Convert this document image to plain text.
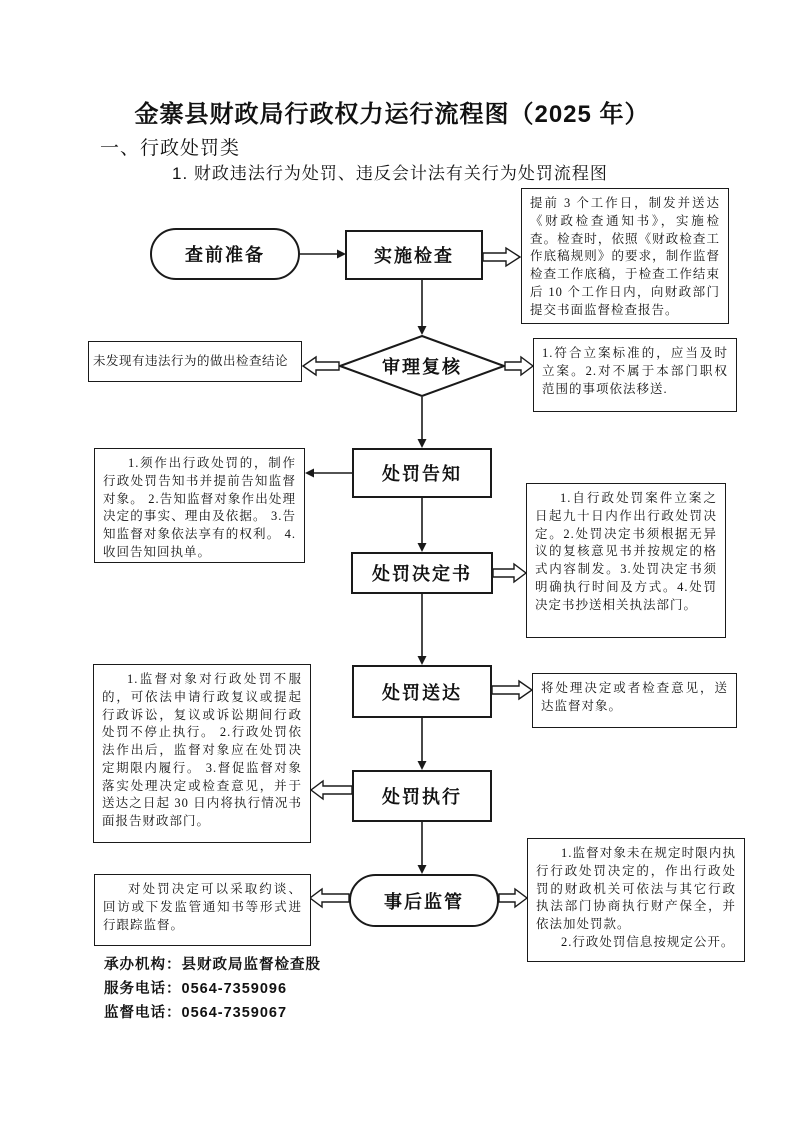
金寨县财政局行政权力运行流程图（2025 年）
一、行政处罚类
1. 财政违法行为处罚、违反会计法有关行为处罚流程图
查前准备	实施检查
审理复核
处罚告知
处罚决定书
处罚送达
处罚执行
事后监管
提前 3 个工作日，制发并送达《财政检查通知书》，实施检查。检查时，依照《财政检查工作底稿规则》的要求，制作监督检查工作底稿，于检查工作结束后 10 个工作日内，向财政部门提交书面监督检查报告。
未发现有违法行为的做出检查结论
1.符合立案标准的，应当及时立案。2.对不属于本部门职权范围的事项依法移送.
1.须作出行政处罚的，制作行政处罚告知书并提前告知监督对象。 2.告知监督对象作出处理决定的事实、理由及依据。 3.告知监督对象依法享有的权利。 4.收回告知回执单。
1.自行政处罚案件立案之日起九十日内作出行政处罚决定。2.处罚决定书须根据无异议的复核意见书并按规定的格式内容制发。3.处罚决定书须明确执行时间及方式。4.处罚决定书抄送相关执法部门。
将处理决定或者检查意见，送达监督对象。
1.监督对象对行政处罚不服的，可依法申请行政复议或提起行政诉讼，复议或诉讼期间行政处罚不停止执行。 2.行政处罚依法作出后，监督对象应在处罚决定期限内履行。 3.督促监督对象落实处理决定或检查意见，并于送达之日起 30 日内将执行情况书面报告财政部门。
对处罚决定可以采取约谈、回访或下发监管通知书等形式进行跟踪监督。
1.监督对象未在规定时限内执行行政处罚决定的，作出行政处罚的财政机关可依法与其它行政执法部门协商执行财产保全，并依法加处罚款。
2.行政处罚信息按规定公开。
承办机构：县财政局监督检查股
服务电话：0564-7359096
监督电话：0564-7359067
